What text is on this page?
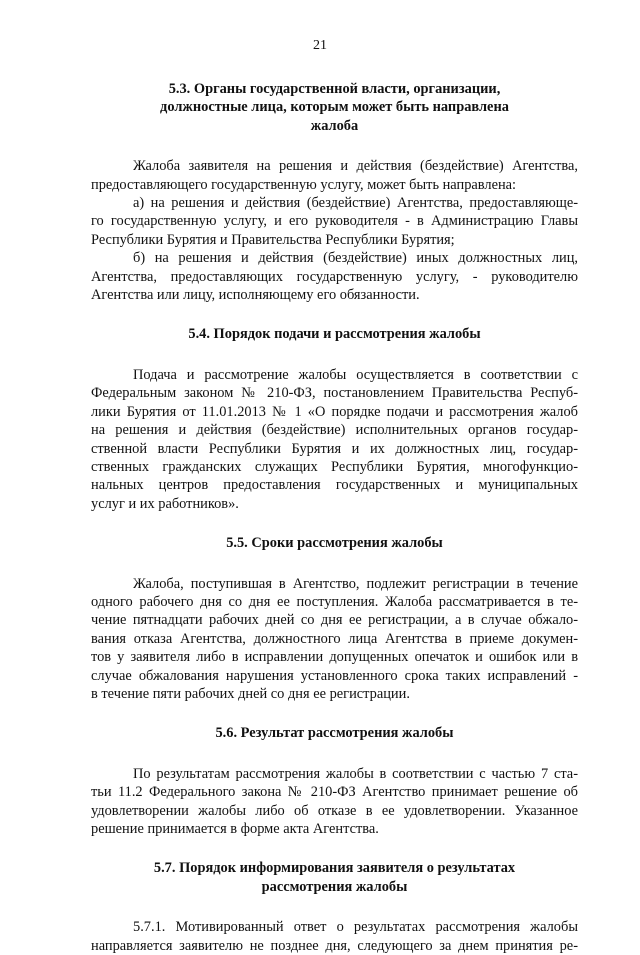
21
5.3. Органы государственной власти, организации,
должностные лица, которым может быть направлена
жалоба
Жалоба заявителя на решения и действия (бездействие) Агентства,
предоставляющего государственную услугу, может быть направлена:
а) на решения и действия (бездействие) Агентства, предоставляюще-
го государственную услугу, и его руководителя - в Администрацию Главы
Республики Бурятия и Правительства Республики Бурятия;
б) на решения и действия (бездействие) иных должностных лиц,
Агентства, предоставляющих государственную услугу, - руководителю
Агентства или лицу, исполняющему его обязанности.
5.4. Порядок подачи и рассмотрения жалобы
Подача и рассмотрение жалобы осуществляется в соответствии с
Федеральным законом № 210-ФЗ, постановлением Правительства Респуб-
лики Бурятия от 11.01.2013 № 1 «О порядке подачи и рассмотрения жалоб
на решения и действия (бездействие) исполнительных органов государ-
ственной власти Республики Бурятия и их должностных лиц, государ-
ственных гражданских служащих Республики Бурятия, многофункцио-
нальных центров предоставления государственных и муниципальных
услуг и их работников».
5.5. Сроки рассмотрения жалобы
Жалоба, поступившая в Агентство, подлежит регистрации в течение
одного рабочего дня со дня ее поступления. Жалоба рассматривается в те-
чение пятнадцати рабочих дней со дня ее регистрации, а в случае обжало-
вания отказа Агентства, должностного лица Агентства в приеме докумен-
тов у заявителя либо в исправлении допущенных опечаток и ошибок или в
случае обжалования нарушения установленного срока таких исправлений -
в течение пяти рабочих дней со дня ее регистрации.
5.6. Результат рассмотрения жалобы
По результатам рассмотрения жалобы в соответствии с частью 7 ста-
тьи 11.2 Федерального закона № 210-ФЗ Агентство принимает решение об
удовлетворении жалобы либо об отказе в ее удовлетворении. Указанное
решение принимается в форме акта Агентства.
5.7. Порядок информирования заявителя о результатах
рассмотрения жалобы
5.7.1. Мотивированный ответ о результатах рассмотрения жалобы
направляется заявителю не позднее дня, следующего за днем принятия ре-
